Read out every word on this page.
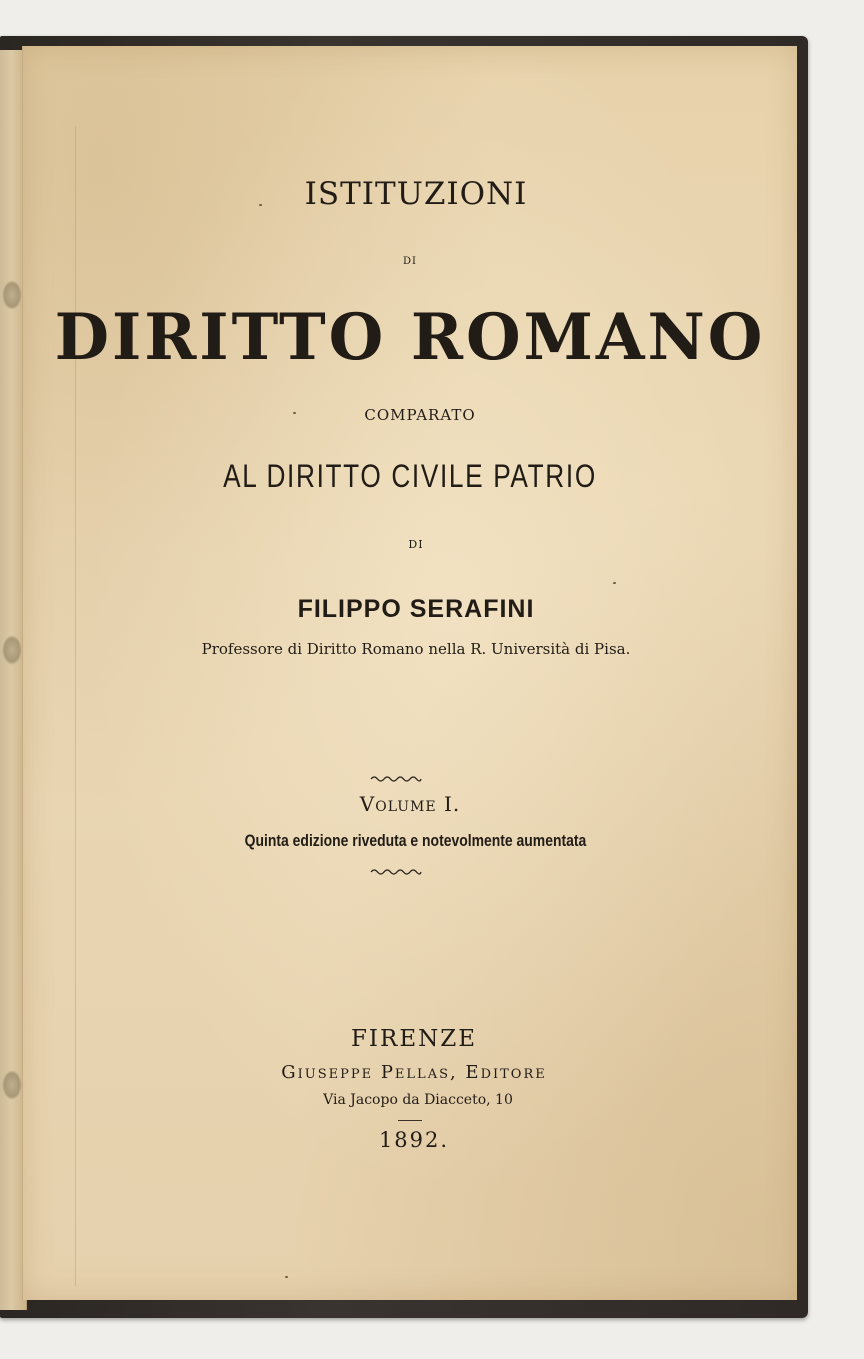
ISTITUZIONI
DI
DIRITTO ROMANO
COMPARATO
AL DIRITTO CIVILE PATRIO
DI
FILIPPO SERAFINI
Professore di Diritto Romano nella R. Università di Pisa.
Volume I.
Quinta edizione riveduta e notevolmente aumentata
FIRENZE
Giuseppe Pellas, Editore
Via Jacopo da Diacceto, 10
1892.
